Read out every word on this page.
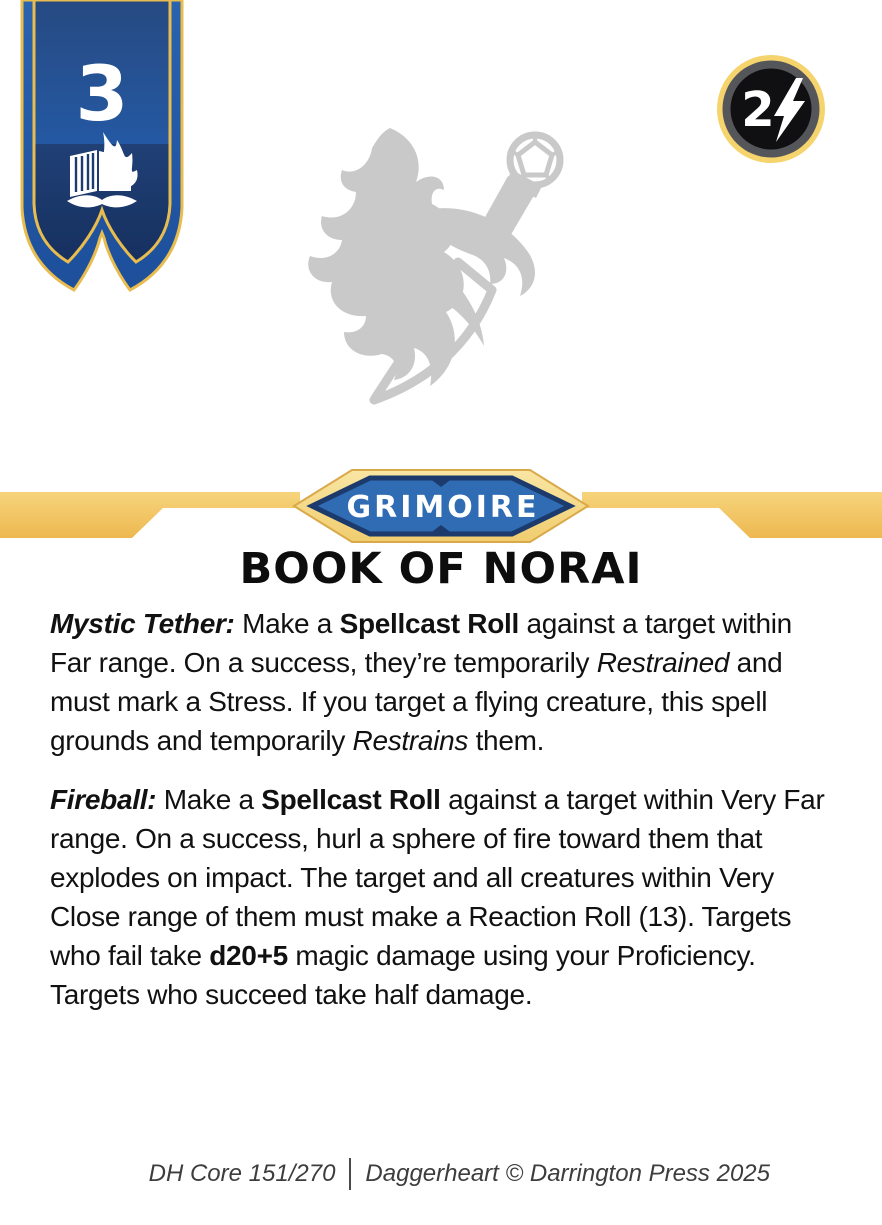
3	2
GRIMOIRE
BOOK OF NORAI

Mystic Tether: Make a Spellcast Roll against a target within Far range. On a success, they’re temporarily Restrained and must mark a Stress. If you target a flying creature, this spell grounds and temporarily Restrains them.

Fireball: Make a Spellcast Roll against a target within Very Far range. On a success, hurl a sphere of fire toward them that explodes on impact. The target and all creatures within Very Close range of them must make a Reaction Roll (13). Targets who fail take d20+5 magic damage using your Proficiency. Targets who succeed take half damage.

DH Core 151/270 Daggerheart © Darrington Press 2025
